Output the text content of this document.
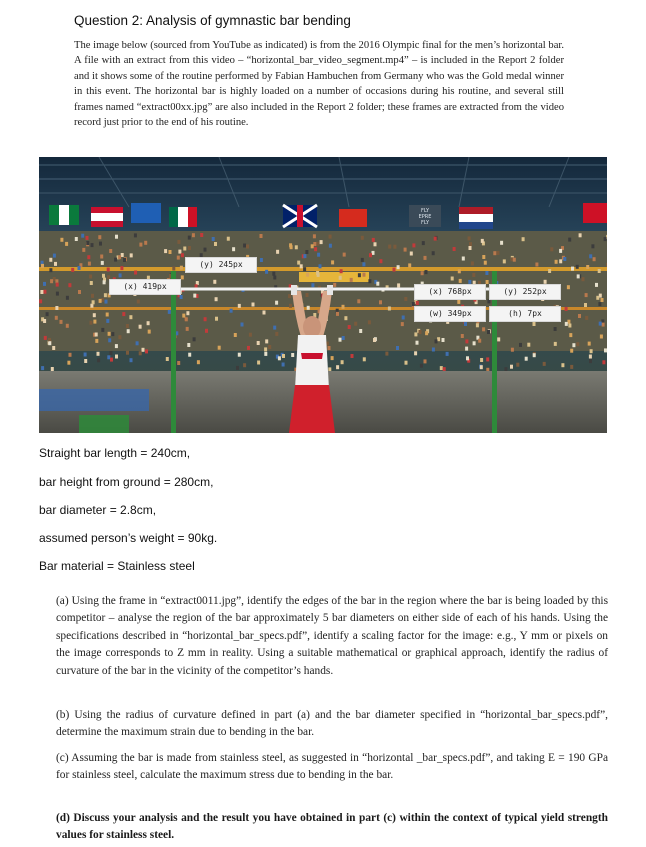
Question 2: Analysis of gymnastic bar bending
The image below (sourced from YouTube as indicated) is from the 2016 Olympic final for the men’s horizontal bar. A file with an extract from this video – “horizontal_bar_video_segment.mp4” – is included in the Report 2 folder and it shows some of the routine performed by Fabian Hambuchen from Germany who was the Gold medal winner in this event. The horizontal bar is highly loaded on a number of occasions during his routine, and several still frames named “extract00xx.jpg” are also included in the Report 2 folder; these frames are extracted from the video record just prior to the end of his routine.
FLY
EPRE
FLY
(y) 245px
(x) 419px
(x) 768px	(y) 252px
(w) 349px	(h) 7px
Straight bar length = 240cm,
bar height from ground = 280cm,
bar diameter = 2.8cm,
assumed person’s weight = 90kg.
Bar material = Stainless steel
(a) Using the frame in “extract0011.jpg”, identify the edges of the bar in the region where the bar is being loaded by this competitor – analyse the region of the bar approximately 5 bar diameters on either side of each of his hands. Using the specifications described in “horizontal_bar_specs.pdf”, identify a scaling factor for the image: e.g., Y mm or pixels on the image corresponds to Z mm in reality. Using a suitable mathematical or graphical approach, identify the radius of curvature of the bar in the vicinity of the competitor’s hands.
(b) Using the radius of curvature defined in part (a) and the bar diameter specified in “horizontal_bar_specs.pdf”, determine the maximum strain due to bending in the bar.
(c) Assuming the bar is made from stainless steel, as suggested in “horizontal _bar_specs.pdf”, and taking E = 190 GPa for stainless steel, calculate the maximum stress due to bending in the bar.
(d) Discuss your analysis and the result you have obtained in part (c) within the context of typical yield strength values for stainless steel.
